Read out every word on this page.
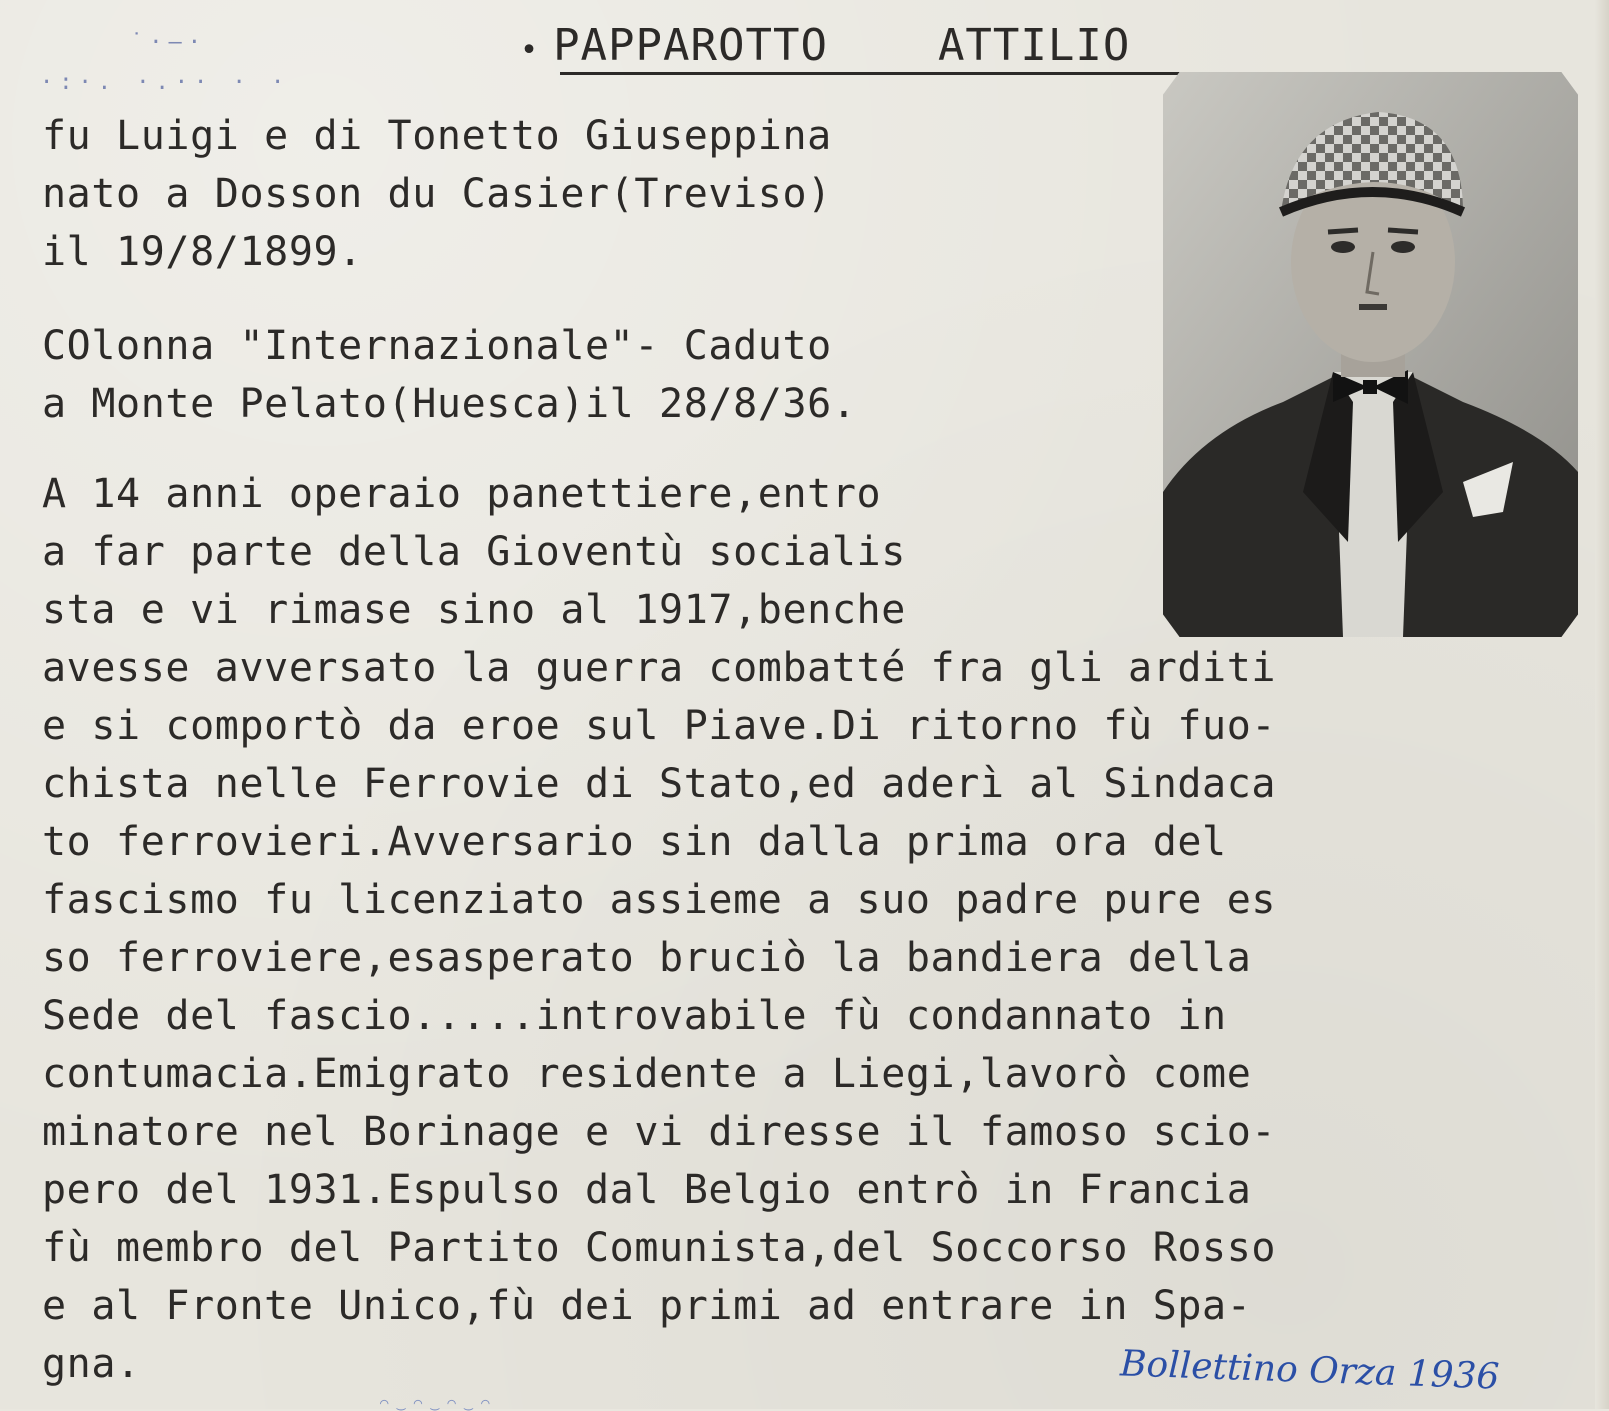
˙·–·
·:·. ·.·· · ·
• PAPPAROTTO ATTILIO
fu Luigi e di Tonetto Giuseppina
nato a Dosson du Casier(Treviso)
il 19/8/1899.
COlonna "Internazionale"- Caduto
a Monte Pelato(Huesca)il 28/8/36.
A 14 anni operaio panettiere,entro
a far parte della Gioventù socialis
sta e vi rimase sino al 1917,benche
avesse avversato la guerra combatté fra gli arditi
e si comportò da eroe sul Piave.Di ritorno fù fuo-
chista nelle Ferrovie di Stato,ed aderì al Sindaca
to ferrovieri.Avversario sin dalla prima ora del
fascismo fu licenziato assieme a suo padre pure es
so ferroviere,esasperato bruciò la bandiera della
Sede del fascio.....introvabile fù condannato in
contumacia.Emigrato residente a Liegi,lavorò come
minatore nel Borinage e vi diresse il famoso scio-
pero del 1931.Espulso dal Belgio entrò in Francia
fù membro del Partito Comunista,del Soccorso Rosso
e al Fronte Unico,fù dei primi ad entrare in Spa-
gna.	Bollettino Orza 1936
⌒ ‿ ⌒ ‿ ⌒ ‿ ⌒
